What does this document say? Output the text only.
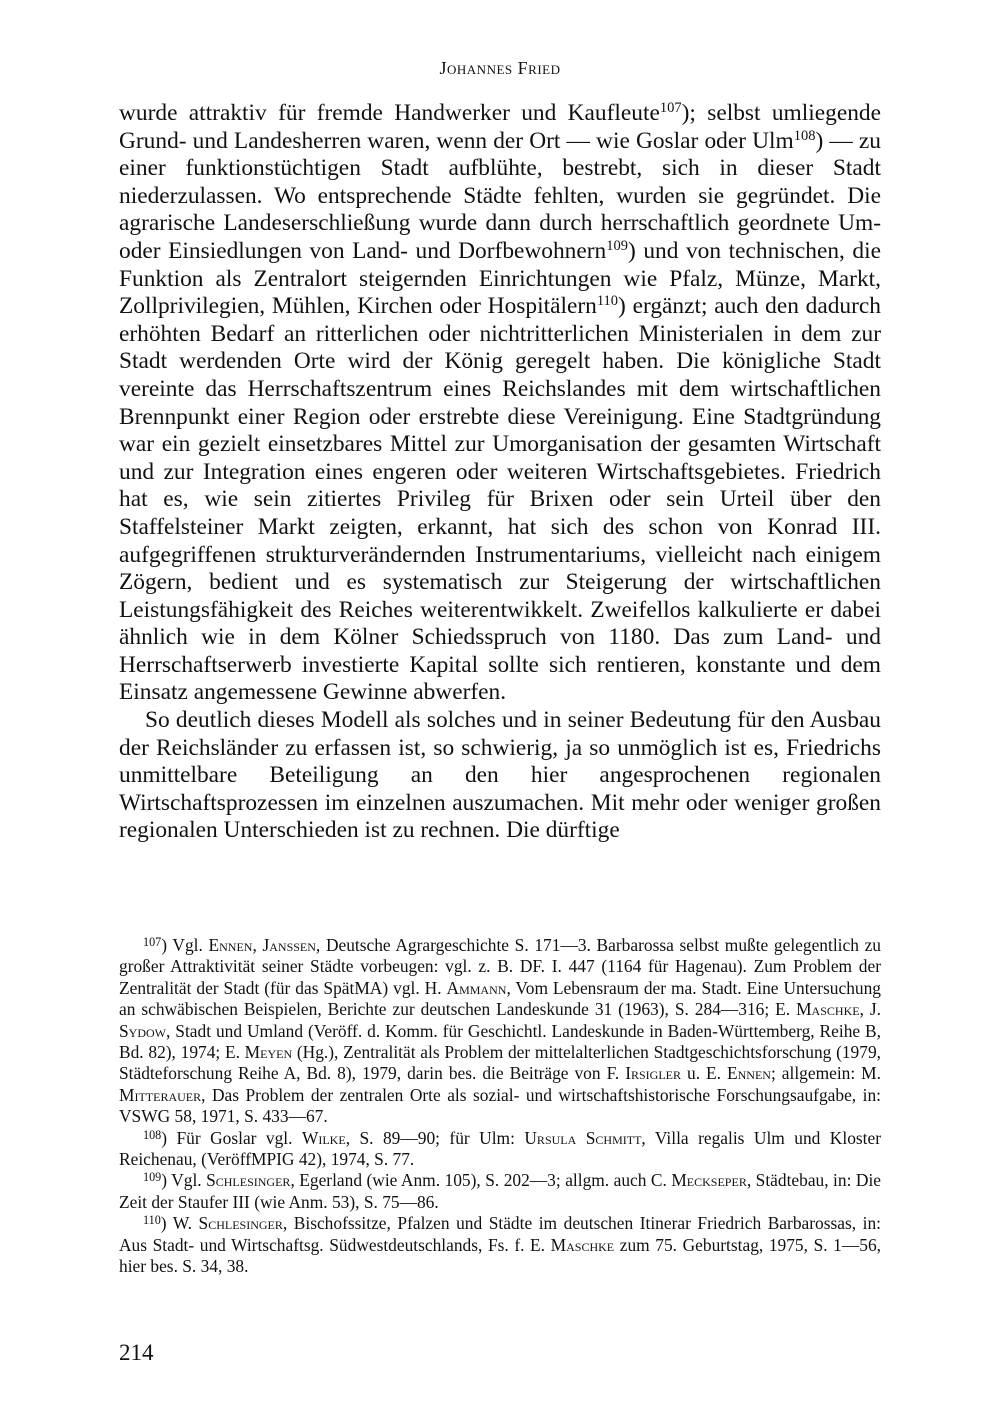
Johannes Fried

wurde attraktiv für fremde Handwerker und Kaufleute$^{107}$); selbst umliegende Grund- und Landesherren waren, wenn der Ort — wie Goslar oder Ulm$^{108}$) — zu einer funktionstüchtigen Stadt aufblühte, bestrebt, sich in dieser Stadt niederzulassen. Wo entsprechende Städte fehlten, wurden sie gegründet. Die agrarische Landeserschließung wurde dann durch herrschaftlich geordnete Um- oder Einsiedlungen von Land- und Dorfbewohnern$^{109}$) und von technischen, die Funktion als Zentralort steigernden Einrichtungen wie Pfalz, Münze, Markt, Zollprivilegien, Mühlen, Kirchen oder Hospitälern$^{110}$) ergänzt; auch den dadurch erhöhten Bedarf an ritterlichen oder nichtritterlichen Ministerialen in dem zur Stadt werdenden Orte wird der König geregelt haben. Die königliche Stadt vereinte das Herrschaftszentrum eines Reichslandes mit dem wirtschaftlichen Brennpunkt einer Region oder erstrebte diese Vereinigung. Eine Stadtgründung war ein gezielt einsetzbares Mittel zur Umorganisation der gesamten Wirtschaft und zur Integration eines engeren oder weiteren Wirtschaftsgebietes. Friedrich hat es, wie sein zitiertes Privileg für Brixen oder sein Urteil über den Staffelsteiner Markt zeigten, erkannt, hat sich des schon von Konrad III. aufgegriffenen strukturverändernden Instrumentariums, vielleicht nach einigem Zögern, bedient und es systematisch zur Steigerung der wirtschaftlichen Leistungsfähigkeit des Reiches weiterentwikkelt. Zweifellos kalkulierte er dabei ähnlich wie in dem Kölner Schiedsspruch von 1180. Das zum Land- und Herrschaftserwerb investierte Kapital sollte sich rentieren, konstante und dem Einsatz angemessene Gewinne abwerfen.

So deutlich dieses Modell als solches und in seiner Bedeutung für den Ausbau der Reichsländer zu erfassen ist, so schwierig, ja so unmöglich ist es, Friedrichs unmittelbare Beteiligung an den hier angesprochenen regionalen Wirtschaftsprozessen im einzelnen auszumachen. Mit mehr oder weniger großen regionalen Unterschieden ist zu rechnen. Die dürftige

$^{107}$) Vgl. Ennen, Janssen, Deutsche Agrargeschichte S. 171—3. Barbarossa selbst mußte gelegentlich zu großer Attraktivität seiner Städte vorbeugen: vgl. z. B. DF. I. 447 (1164 für Hagenau). Zum Problem der Zentralität der Stadt (für das SpätMA) vgl. H. Ammann, Vom Lebensraum der ma. Stadt. Eine Untersuchung an schwäbischen Beispielen, Berichte zur deutschen Landeskunde 31 (1963), S. 284—316; E. Maschke, J. Sydow, Stadt und Umland (Veröff. d. Komm. für Geschichtl. Landeskunde in Baden-Württemberg, Reihe B, Bd. 82), 1974; E. Meyen (Hg.), Zentralität als Problem der mittelalterlichen Stadtgeschichtsforschung (1979, Städteforschung Reihe A, Bd. 8), 1979, darin bes. die Beiträge von F. Irsigler u. E. Ennen; allgemein: M. Mitterauer, Das Problem der zentralen Orte als sozial- und wirtschaftshistorische Forschungsaufgabe, in: VSWG 58, 1971, S. 433—67.

$^{108}$) Für Goslar vgl. Wilke, S. 89—90; für Ulm: Ursula Schmitt, Villa regalis Ulm und Kloster Reichenau, (VeröffMPIG 42), 1974, S. 77.

$^{109}$) Vgl. Schlesinger, Egerland (wie Anm. 105), S. 202—3; allgm. auch C. Meckseper, Städtebau, in: Die Zeit der Staufer III (wie Anm. 53), S. 75—86.

$^{110}$) W. Schlesinger, Bischofssitze, Pfalzen und Städte im deutschen Itinerar Friedrich Barbarossas, in: Aus Stadt- und Wirtschaftsg. Südwestdeutschlands, Fs. f. E. Maschke zum 75. Geburtstag, 1975, S. 1—56, hier bes. S. 34, 38.

214
